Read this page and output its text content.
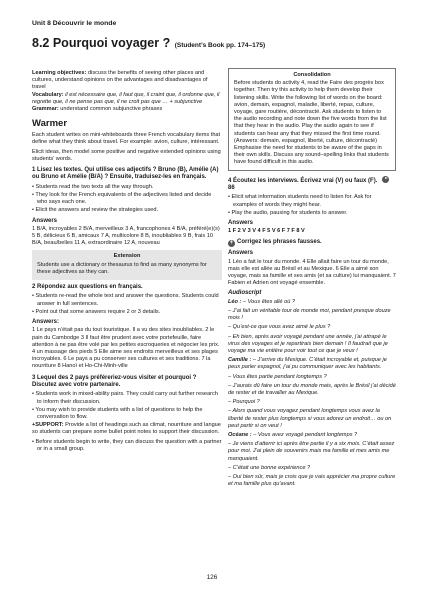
Unit 8 Découvrir le monde
8.2 Pourquoi voyager ? (Student’s Book pp. 174–175)

Learning objectives: discuss the benefits of seeing other places and cultures, understand opinions on the advantages and disadvantages of travel
Vocabulary: il est nécessaire que, il faut que, il craint que, il ordonne que, il regrette que, il ne pense pas que, il ne croit pas que … + subjunctive
Grammar: understand common subjunctive phrases

Warmer

Each student writes on mini-whiteboards three French vocabulary items that define what they think about travel. For example: avion, culture, intéressant.

Elicit ideas, then model some positive and negative extended opinions using students’ words.

1 Lisez les textes. Qui utilise ces adjectifs ? Bruno (B), Amélie (A) ou Bruno et Amélie (B/A) ? Ensuite, traduisez-les en français.

• Students read the two texts all the way through.

• They look for the French equivalents of the adjectives listed and decide who says each one.

• Elicit the answers and review the strategies used.

Answers

1 B/A, incroyables 2 B/A, merveilleux 3 A, francophones 4 B/A, préféré(e)(s) 5 B, délicieux 6 B, amicaux 7 A, multicolore 8 B, inoubliables 9 B, frais 10 B/A, beau/belles 11 A, extraordinaire 12 A, nouveau

Extension
Students use a dictionary or thesaurus to find as many synonyms for these adjectives as they can.
2 Répondez aux questions en français.

• Students re-read the whole text and answer the questions. Students could answer in full sentences.

• Point out that some answers require 2 or 3 details.

Answers:

1 Le pays n’était pas du tout touristique. Il a vu des sites inoubliables. 2 le pain du Cambodge 3 Il faut être prudent avec votre portefeuille, faire attention à ne pas être volé par les petites escroqueries et négocier les prix. 4 un massage des pieds 5 Elle aime ses endroits merveilleux et ses plages incroyables. 6 Le pays a pu conserver ses cultures et ses traditions. 7 la nourriture 8 Hanoï et Ho-Chi-Minh-ville

3 Lequel des 2 pays préféreriez-vous visiter et pourquoi ? Discutez avec votre partenaire.

• Students work in mixed-ability pairs. They could carry out further research to inform their discussion.

• You may wish to provide students with a list of questions to help the conversation to flow.

+SUPPORT: Provide a list of headings such as climat, nourriture and langue so students can prepare some bullet point notes to support their discussion.

• Before students begin to write, they can discuss the question with a partner or in a small group.

Consolidation
Before students do activity 4, read the Faire des progrès box together. Then try this activity to help them develop their listening skills. Write the following list of words on the board: avion, demain, espagnol, maladie, liberté, repas, culture, voyage, gare routière, décontracté. Ask students to listen to the audio recording and note down the five words from the list that they hear in the audio. Play the audio again to see if students can hear any that they missed the first time round. (Answers: demain, espagnol, liberté, culture, décontracté) Emphasise the need for students to be aware of the gaps in their own skills. Discuss any sound–spelling links that students have found difficult in this audio.
4 Écoutez les interviews. Écrivez vrai (V) ou faux (F). 86

• Elicit what information students need to listen for. Ask for examples of words they might hear.

• Play the audio, pausing for students to answer.

Answers

1 F 2 V 3 V 4 F 5 V 6 F 7 F 8 V

+ Corrigez les phrases fausses.
Answers

1 Léo a fait le tour du monde. 4 Elle allait faire un tour du monde, mais elle est allée au Brésil et au Mexique. 6 Elle a aimé son voyage, mais sa famille et ses amis (et sa culture) lui manquaient. 7 Fabien et Adrien ont voyagé ensemble.

Audioscript

Léo : – Vous êtes allé où ?

– J’ai fait un véritable tour de monde moi, pendant presque douze mois !

– Qu’est-ce que vous avez aimé le plus ?

– Eh bien, après avoir voyagé pendant une année, j’ai attrapé le virus des voyages et je repartirais bien demain ! Il faudrait que je voyage ma vie entière pour voir tout ce que je veux !

Camille : – J’arrive du Mexique. C’était incroyable et, puisque je peux parler espagnol, j’ai pu communiquer avec les habitants.

– Vous êtes partie pendant longtemps ?

– J’aurais dû faire un tour du monde mais, après le Brésil j’ai décidé de rester et de travailler au Mexique.

– Pourquoi ?

– Alors quand vous voyagez pendant longtemps vous avez la liberté de rester plus longtemps si vous adorez un endroit… ou on peut partir si on veut !

Océane : – Vous avez voyagé pendant longtemps ?

– Je viens d’atterrir ici après être partie il y a six mois. C’était assez pour moi. J’ai plein de souvenirs mais ma famille et mes amis me manquaient.

– C’était une bonne expérience ?

– Oui bien sûr, mais je crois que je vais apprécier ma propre culture et ma famille plus qu’avant.

126
